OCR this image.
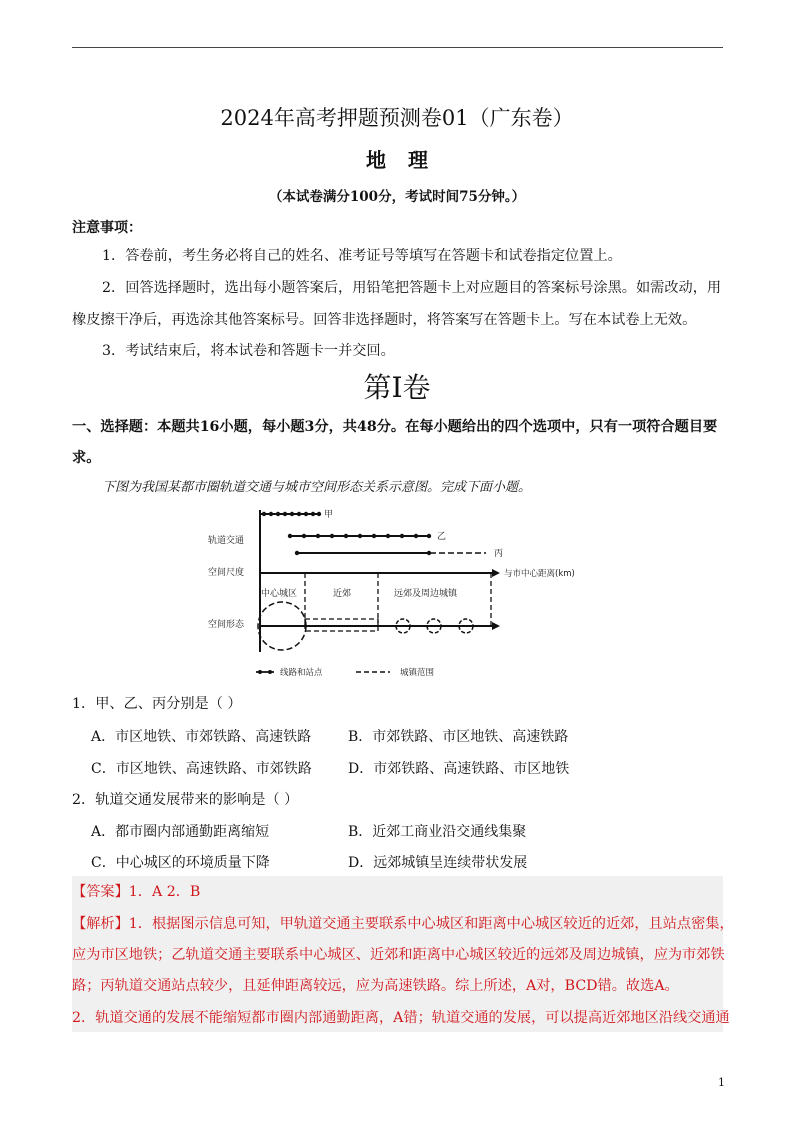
2024年高考押题预测卷01（广东卷）
地理
（本试卷满分100分，考试时间75分钟。）
注意事项：
1．答卷前，考生务必将自己的姓名、准考证号等填写在答题卡和试卷指定位置上。
2．回答选择题时，选出每小题答案后，用铅笔把答题卡上对应题目的答案标号涂黑。如需改动，用
橡皮擦干净后，再选涂其他答案标号。回答非选择题时，将答案写在答题卡上。写在本试卷上无效。
3．考试结束后，将本试卷和答题卡一并交回。
第Ⅰ卷
一、选择题：本题共16小题，每小题3分，共48分。在每小题给出的四个选项中，只有一项符合题目要求。
下图为我国某都市圈轨道交通与城市空间形态关系示意图。完成下面小题。
轨道交通
空间尺度
空间形态
甲
乙
丙
与市中心距离(km)
中心城区	近郊	远郊及周边城镇
线路和站点	城镇范围
1．甲、乙、丙分别是（ ）
A．市区地铁、市郊铁路、高速铁路	B．市郊铁路、市区地铁、高速铁路
C．市区地铁、高速铁路、市郊铁路	D．市郊铁路、高速铁路、市区地铁
2．轨道交通发展带来的影响是（ ）
A．都市圈内部通勤距离缩短	B．近郊工商业沿交通线集聚
C．中心城区的环境质量下降	D．远郊城镇呈连续带状发展
【答案】1．A 2．B
【解析】1．根据图示信息可知，甲轨道交通主要联系中心城区和距离中心城区较近的近郊，且站点密集，
应为市区地铁；乙轨道交通主要联系中心城区、近郊和距离中心城区较近的远郊及周边城镇，应为市郊铁
路；丙轨道交通站点较少，且延伸距离较远，应为高速铁路。综上所述，A对，BCD错。故选A。
2．轨道交通的发展不能缩短都市圈内部通勤距离，A错；轨道交通的发展，可以提高近郊地区沿线交通通
1
